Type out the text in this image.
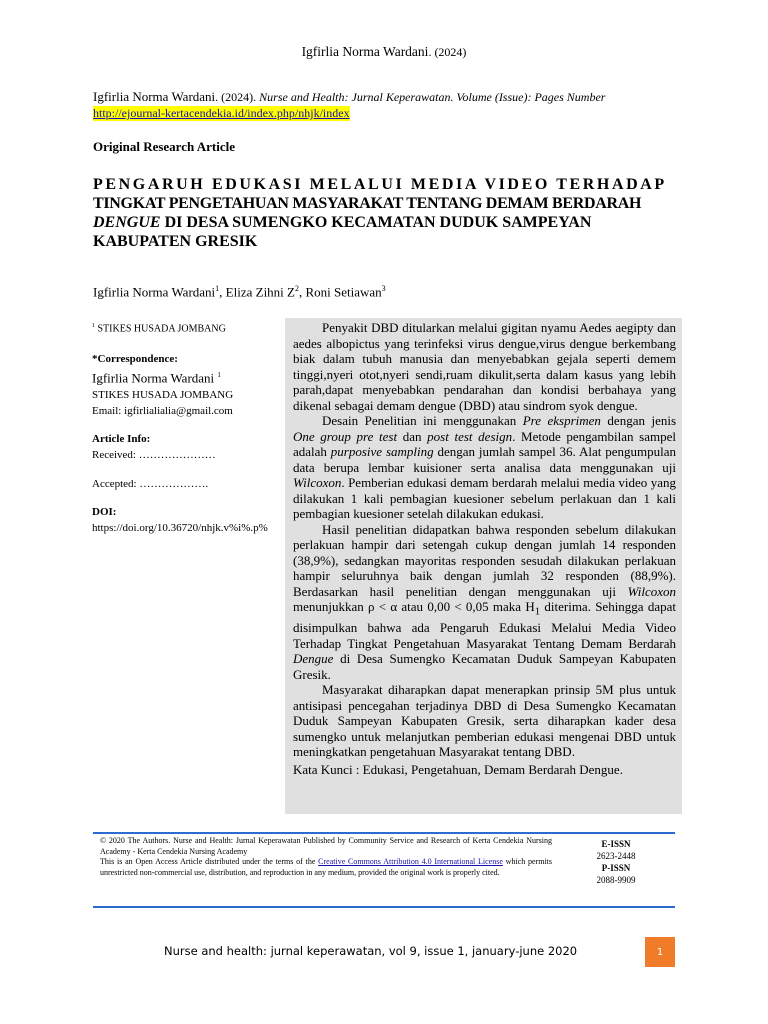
Igfirlia Norma Wardani. (2024)
Igfirlia Norma Wardani. (2024). Nurse and Health: Jurnal Keperawatan. Volume (Issue): Pages Number
http://ejournal-kertacendekia.id/index.php/nhjk/index
Original Research Article
PENGARUH EDUKASI MELALUI MEDIA VIDEO TERHADAP
TINGKAT PENGETAHUAN MASYARAKAT TENTANG DEMAM BERDARAH
DENGUE DI DESA SUMENGKO KECAMATAN DUDUK SAMPEYAN
KABUPATEN GRESIK
Igfirlia Norma Wardani$^1$, Eliza Zihni $Z^2$, Roni Setiawan$^3$
$^1$ STIKES HUSADA JOMBANG
*Correspondence:
Igfirlia Norma Wardani $^1$
STIKES HUSADA JOMBANG
Email: igfirlialialia@gmail.com
Article Info:
Received: …………………
Accepted: ……………….
DOI:
https://doi.org/10.36720/nhjk.v%i%.p%

Penyakit DBD ditularkan melalui gigitan nyamu Aedes aegipty dan aedes albopictus yang terinfeksi virus dengue,virus dengue berkembang biak dalam tubuh manusia dan menyebabkan gejala seperti demem tinggi,nyeri otot,nyeri sendi,ruam dikulit,serta dalam kasus yang lebih parah,dapat menyebabkan pendarahan dan kondisi berbahaya yang dikenal sebagai demam dengue (DBD) atau sindrom syok dengue.

Desain Penelitian ini menggunakan Pre eksprimen dengan jenis One group pre test dan post test design. Metode pengambilan sampel adalah purposive sampling dengan jumlah sampel 36. Alat pengumpulan data berupa lembar kuisioner serta analisa data menggunakan uji Wilcoxon. Pemberian edukasi demam berdarah melalui media video yang dilakukan 1 kali pembagian kuesioner sebelum perlakuan dan 1 kali pembagian kuesioner setelah dilakukan edukasi.

Hasil penelitian didapatkan bahwa responden sebelum dilakukan perlakuan hampir dari setengah cukup dengan jumlah 14 responden (38,9%), sedangkan mayoritas responden sesudah dilakukan perlakuan hampir seluruhnya baik dengan jumlah 32 responden (88,9%). Berdasarkan hasil penelitian dengan menggunakan uji Wilcoxon menunjukkan ρ < α atau 0,00 < 0,05 maka $H_1$ diterima. Sehingga dapat disimpulkan bahwa ada Pengaruh Edukasi Melalui Media Video Terhadap Tingkat Pengetahuan Masyarakat Tentang Demam Berdarah Dengue di Desa Sumengko Kecamatan Duduk Sampeyan Kabupaten Gresik.

Masyarakat diharapkan dapat menerapkan prinsip 5M plus untuk antisipasi pencegahan terjadinya DBD di Desa Sumengko Kecamatan Duduk Sampeyan Kabupaten Gresik, serta diharapkan kader desa sumengko untuk melanjutkan pemberian edukasi mengenai DBD untuk meningkatkan pengetahuan Masyarakat tentang DBD.

Kata Kunci : Edukasi, Pengetahuan, Demam Berdarah Dengue.

© 2020 The Authors. Nurse and Health: Jurnal Keperawatan Published by Community Service and Research of Kerta Cendekia Nursing Academy - Kerta Cendekia Nursing Academy
This is an Open Access Article distributed under the terms of the Creative Commons Attribution 4.0 International License which permits unrestricted non-commercial use, distribution, and reproduction in any medium, provided the original work is properly cited.
E-ISSN
2623-2448
P-ISSN
2088-9909
Nurse and health: jurnal keperawatan, vol 9, issue 1, january-june 2020	1
